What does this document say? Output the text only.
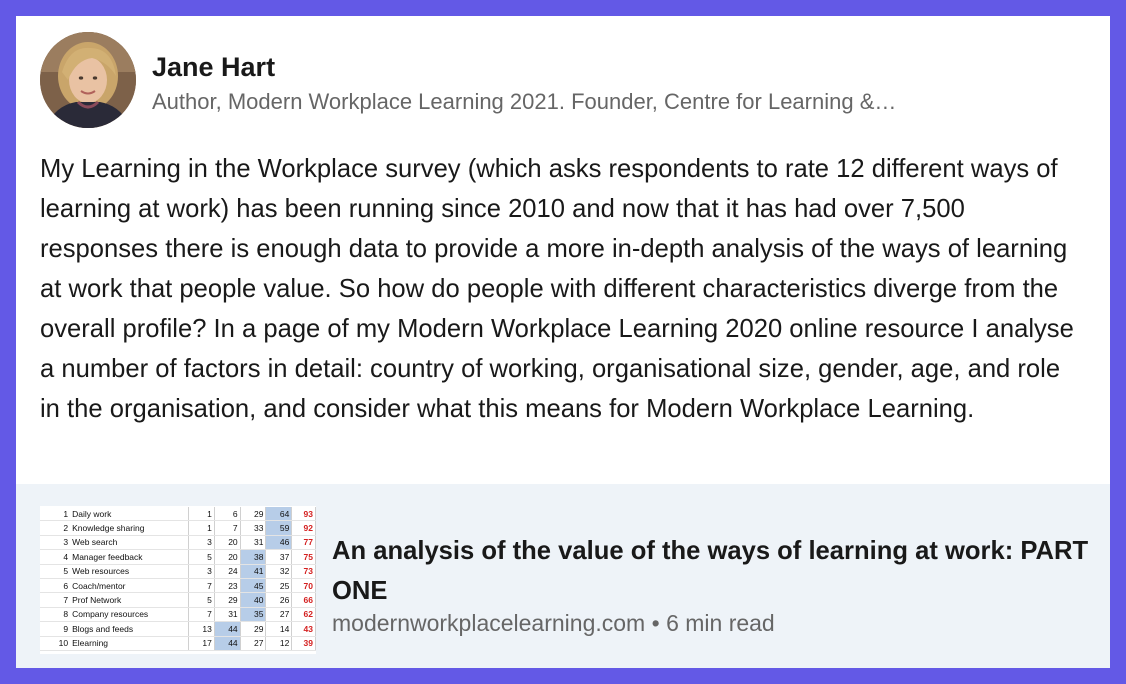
Jane Hart
Author, Modern Workplace Learning 2021. Founder, Centre for Learning &…

My Learning in the Workplace survey (which asks respondents to rate 12 different ways of learning at work) has been running since 2010 and now that it has had over 7,500 responses there is enough data to provide a more in-depth analysis of the ways of learning at work that people value. So how do people with different characteristics diverge from the overall profile? In a page of my Modern Workplace Learning 2020 online resource I analyse a number of factors in detail: country of working, organisational size, gender, age, and role in the organisation, and consider what this means for Modern Workplace Learning.

1	Daily work	1	6	29	64	93
2	Knowledge sharing	1	7	33	59	92
3	Web search	3	20	31	46	77
4	Manager feedback	5	20	38	37	75
5	Web resources	3	24	41	32	73
6	Coach/mentor	7	23	45	25	70
7	Prof Network	5	29	40	26	66
8	Company resources	7	31	35	27	62
9	Blogs and feeds	13	44	29	14	43
10	Elearning	17	44	27	12	39
An analysis of the value of the ways of learning at work: PART ONE
modernworkplacelearning.com • 6 min read
